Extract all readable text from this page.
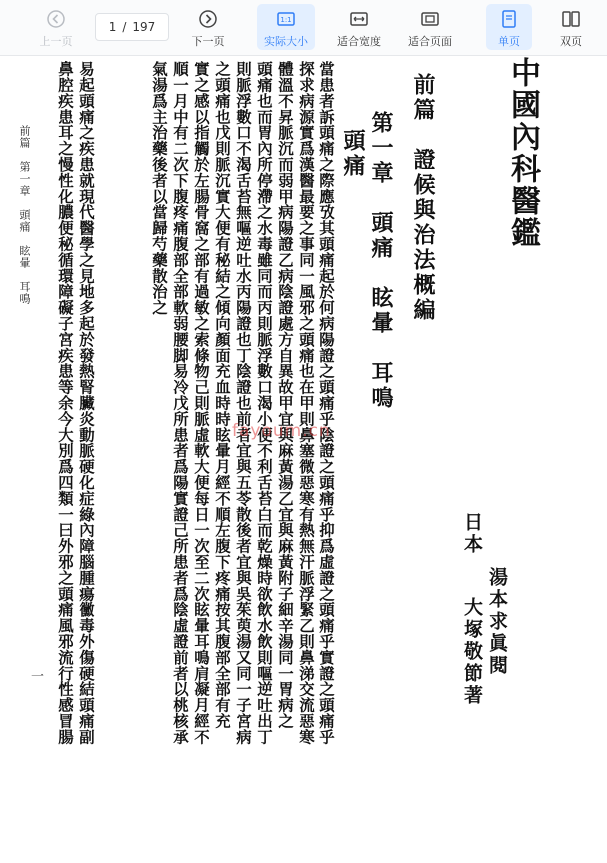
上一页
1 / 197
下一页
1:1
实际大小	适合宽度 适合页面	单页	双页
中國內科醫鑑
前篇　證候與治法概編
第一章　頭痛　眩暈　耳鳴
頭痛
日本
大塚敬節著 湯本求眞閱
當患者訴頭痛之際應攷其頭痛起於何病陽證之頭痛乎陰證之頭痛乎抑爲虛證之頭痛乎實證之頭痛乎
探求病源實爲漢醫最要之事同一風邪之頭痛也在甲則鼻塞微惡寒有熱無汗脈浮緊乙則鼻涕交流惡寒
體溫不昇脈沉而弱甲病陽證乙病陰證處方自異故甲宜與麻黃湯乙宜與麻黃附子細辛湯同一胃病之
頭痛也而胃內所停滯之水毒雖同而丙則脈浮數口渴小便不利舌苔白而乾燥時欲飲水飲則嘔逆吐出丁
則脈浮數口不渴舌苔無嘔逆吐水丙陽證也丁陰證也前者宜與五苓散後者宜與吳茱萸湯又同一子宮病
之頭痛也戊則脈沉實大便有秘結之傾向顏面充血時時眩暈月經不順左腹下疼痛按其腹部全部有充
實之感以指觸於左腸骨窩之部有過敏之索條物己則脈虛軟大便每日一次至二次眩暈耳鳴肩凝月經不
順一月中有二次下腹疼痛腹部全部軟弱腰脚易冷戊所患者爲陽實證己所患者爲陰虛證前者以桃核承
氣湯爲主治藥後者以當歸芍藥散治之
易起頭痛之疾患就現代醫學之見地多起於發熱腎臟炎動脈硬化症綠內障腦腫瘍黴毒外傷硬結頭痛副
鼻腔疾患耳之慢性化膿便秘循環障礙子宮疾患等余今大別爲四類一曰外邪之頭痛風邪流行性感冒腸
前篇　第一章　頭痛　眩暈　耳鳴
一
fayoum.cn
